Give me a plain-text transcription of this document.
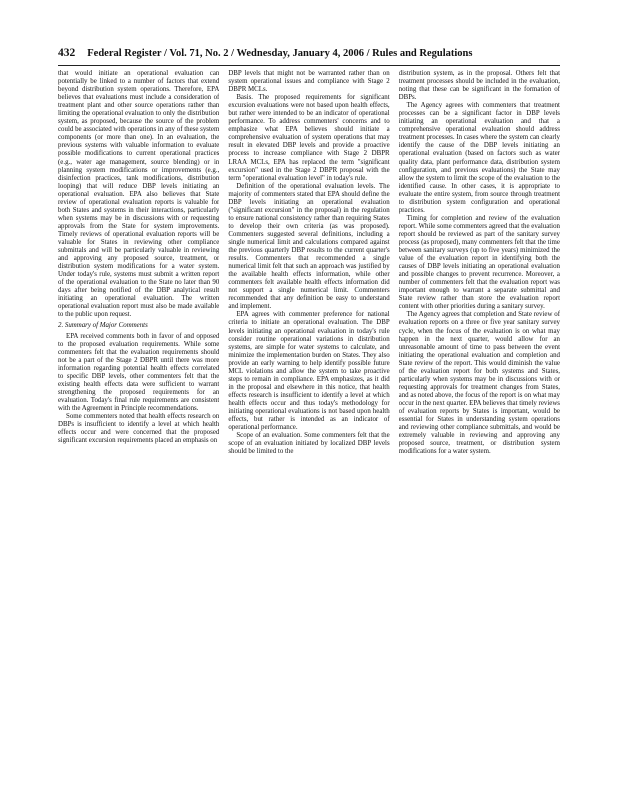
432 Federal Register / Vol. 71, No. 2 / Wednesday, January 4, 2006 / Rules and Regulations

that would initiate an operational evaluation can potentially be linked to a number of factors that extend beyond distribution system operations. Therefore, EPA believes that evaluations must include a consideration of treatment plant and other source operations rather than limiting the operational evaluation to only the distribution system, as proposed, because the source of the problem could be associated with operations in any of these system components (or more than one). In an evaluation, the previous systems with valuable information to evaluate possible modifications to current operational practices (e.g., water age management, source blending) or in planning system modifications or improvements (e.g., disinfection practices, tank modifications, distribution looping) that will reduce DBP levels initiating an operational evaluation. EPA also believes that State review of operational evaluation reports is valuable for both States and systems in their interactions, particularly when systems may be in discussions with or requesting approvals from the State for system improvements. Timely reviews of operational evaluation reports will be valuable for States in reviewing other compliance submittals and will be particularly valuable in reviewing and approving any proposed source, treatment, or distribution system modifications for a water system. Under today's rule, systems must submit a written report of the operational evaluation to the State no later than 90 days after being notified of the DBP analytical result initiating an operational evaluation. The written operational evaluation report must also be made available to the public upon request.

2. Summary of Major Comments

EPA received comments both in favor of and opposed to the proposed evaluation requirements. While some commenters felt that the evaluation requirements should not be a part of the Stage 2 DBPR until there was more information regarding potential health effects correlated to specific DBP levels, other commenters felt that the existing health effects data were sufficient to warrant strengthening the proposed requirements for an evaluation. Today's final rule requirements are consistent with the Agreement in Principle recommendations.

Some commenters noted that health effects research on DBPs is insufficient to identify a level at which health effects occur and were concerned that the proposed significant excursion requirements placed an emphasis on

DBP levels that might not be warranted rather than on system operational issues and compliance with Stage 2 DBPR MCLs.

Basis. The proposed requirements for significant excursion evaluations were not based upon health effects, but rather were intended to be an indicator of operational performance. To address commenters' concerns and to emphasize what EPA believes should initiate a comprehensive evaluation of system operations that may result in elevated DBP levels and provide a proactive process to increase compliance with Stage 2 DBPR LRAA MCLs, EPA has replaced the term "significant excursion" used in the Stage 2 DBPR proposal with the term "operational evaluation level" in today's rule.

Definition of the operational evaluation levels. The majority of commenters stated that EPA should define the DBP levels initiating an operational evaluation ("significant excursion" in the proposal) in the regulation to ensure national consistency rather than requiring States to develop their own criteria (as was proposed). Commenters suggested several definitions, including a single numerical limit and calculations compared against the previous quarterly DBP results to the current quarter's results. Commenters that recommended a single numerical limit felt that such an approach was justified by the available health effects information, while other commenters felt available health effects information did not support a single numerical limit. Commenters recommended that any definition be easy to understand and implement.

EPA agrees with commenter preference for national criteria to initiate an operational evaluation. The DBP levels initiating an operational evaluation in today's rule consider routine operational variations in distribution systems, are simple for water systems to calculate, and minimize the implementation burden on States. They also provide an early warning to help identify possible future MCL violations and allow the system to take proactive steps to remain in compliance. EPA emphasizes, as it did in the proposal and elsewhere in this notice, that health effects research is insufficient to identify a level at which health effects occur and thus today's methodology for initiating operational evaluations is not based upon health effects, but rather is intended as an indicator of operational performance.

Scope of an evaluation. Some commenters felt that the scope of an evaluation initiated by localized DBP levels should be limited to the

distribution system, as in the proposal. Others felt that treatment processes should be included in the evaluation, noting that these can be significant in the formation of DBPs.

The Agency agrees with commenters that treatment processes can be a significant factor in DBP levels initiating an operational evaluation and that a comprehensive operational evaluation should address treatment processes. In cases where the system can clearly identify the cause of the DBP levels initiating an operational evaluation (based on factors such as water quality data, plant performance data, distribution system configuration, and previous evaluations) the State may allow the system to limit the scope of the evaluation to the identified cause. In other cases, it is appropriate to evaluate the entire system, from source through treatment to distribution system configuration and operational practices.

Timing for completion and review of the evaluation report. While some commenters agreed that the evaluation report should be reviewed as part of the sanitary survey process (as proposed), many commenters felt that the time between sanitary surveys (up to five years) minimized the value of the evaluation report in identifying both the causes of DBP levels initiating an operational evaluation and possible changes to prevent recurrence. Moreover, a number of commenters felt that the evaluation report was important enough to warrant a separate submittal and State review rather than store the evaluation report content with other priorities during a sanitary survey.

The Agency agrees that completion and State review of evaluation reports on a three or five year sanitary survey cycle, when the focus of the evaluation is on what may happen in the next quarter, would allow for an unreasonable amount of time to pass between the event initiating the operational evaluation and completion and State review of the report. This would diminish the value of the evaluation report for both systems and States, particularly when systems may be in discussions with or requesting approvals for treatment changes from States, and as noted above, the focus of the report is on what may occur in the next quarter. EPA believes that timely reviews of evaluation reports by States is important, would be essential for States in understanding system operations and reviewing other compliance submittals, and would be extremely valuable in reviewing and approving any proposed source, treatment, or distribution system modifications for a water system.
